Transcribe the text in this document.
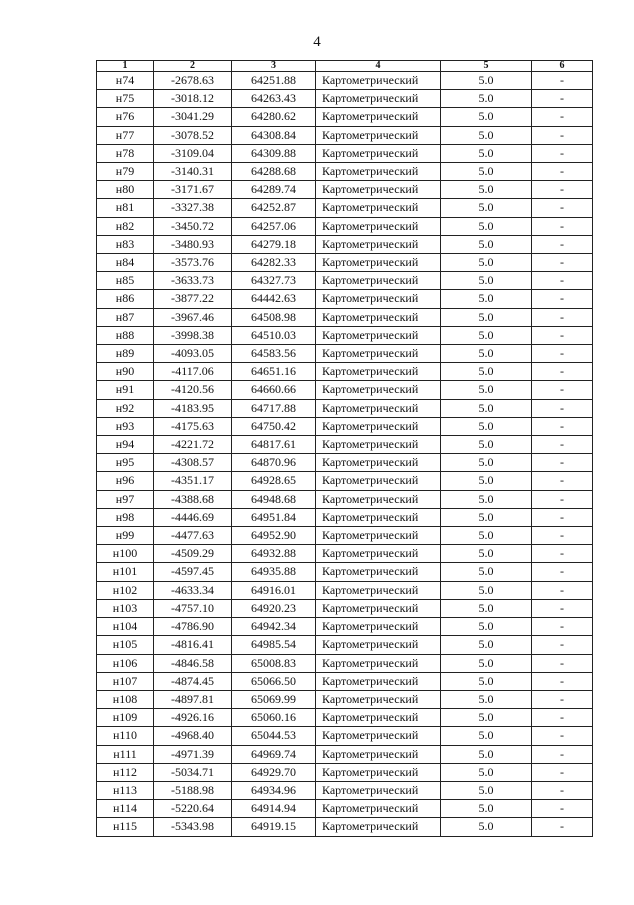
4
1	2	3	4	5	6
н74	-2678.63	64251.88	Картометрический	5.0	-
н75	-3018.12	64263.43	Картометрический	5.0	-
н76	-3041.29	64280.62	Картометрический	5.0	-
н77	-3078.52	64308.84	Картометрический	5.0	-
н78	-3109.04	64309.88	Картометрический	5.0	-
н79	-3140.31	64288.68	Картометрический	5.0	-
н80	-3171.67	64289.74	Картометрический	5.0	-
н81	-3327.38	64252.87	Картометрический	5.0	-
н82	-3450.72	64257.06	Картометрический	5.0	-
н83	-3480.93	64279.18	Картометрический	5.0	-
н84	-3573.76	64282.33	Картометрический	5.0	-
н85	-3633.73	64327.73	Картометрический	5.0	-
н86	-3877.22	64442.63	Картометрический	5.0	-
н87	-3967.46	64508.98	Картометрический	5.0	-
н88	-3998.38	64510.03	Картометрический	5.0	-
н89	-4093.05	64583.56	Картометрический	5.0	-
н90	-4117.06	64651.16	Картометрический	5.0	-
н91	-4120.56	64660.66	Картометрический	5.0	-
н92	-4183.95	64717.88	Картометрический	5.0	-
н93	-4175.63	64750.42	Картометрический	5.0	-
н94	-4221.72	64817.61	Картометрический	5.0	-
н95	-4308.57	64870.96	Картометрический	5.0	-
н96	-4351.17	64928.65	Картометрический	5.0	-
н97	-4388.68	64948.68	Картометрический	5.0	-
н98	-4446.69	64951.84	Картометрический	5.0	-
н99	-4477.63	64952.90	Картометрический	5.0	-
н100	-4509.29	64932.88	Картометрический	5.0	-
н101	-4597.45	64935.88	Картометрический	5.0	-
н102	-4633.34	64916.01	Картометрический	5.0	-
н103	-4757.10	64920.23	Картометрический	5.0	-
н104	-4786.90	64942.34	Картометрический	5.0	-
н105	-4816.41	64985.54	Картометрический	5.0	-
н106	-4846.58	65008.83	Картометрический	5.0	-
н107	-4874.45	65066.50	Картометрический	5.0	-
н108	-4897.81	65069.99	Картометрический	5.0	-
н109	-4926.16	65060.16	Картометрический	5.0	-
н110	-4968.40	65044.53	Картометрический	5.0	-
н111	-4971.39	64969.74	Картометрический	5.0	-
н112	-5034.71	64929.70	Картометрический	5.0	-
н113	-5188.98	64934.96	Картометрический	5.0	-
н114	-5220.64	64914.94	Картометрический	5.0	-
н115	-5343.98	64919.15	Картометрический	5.0	-
